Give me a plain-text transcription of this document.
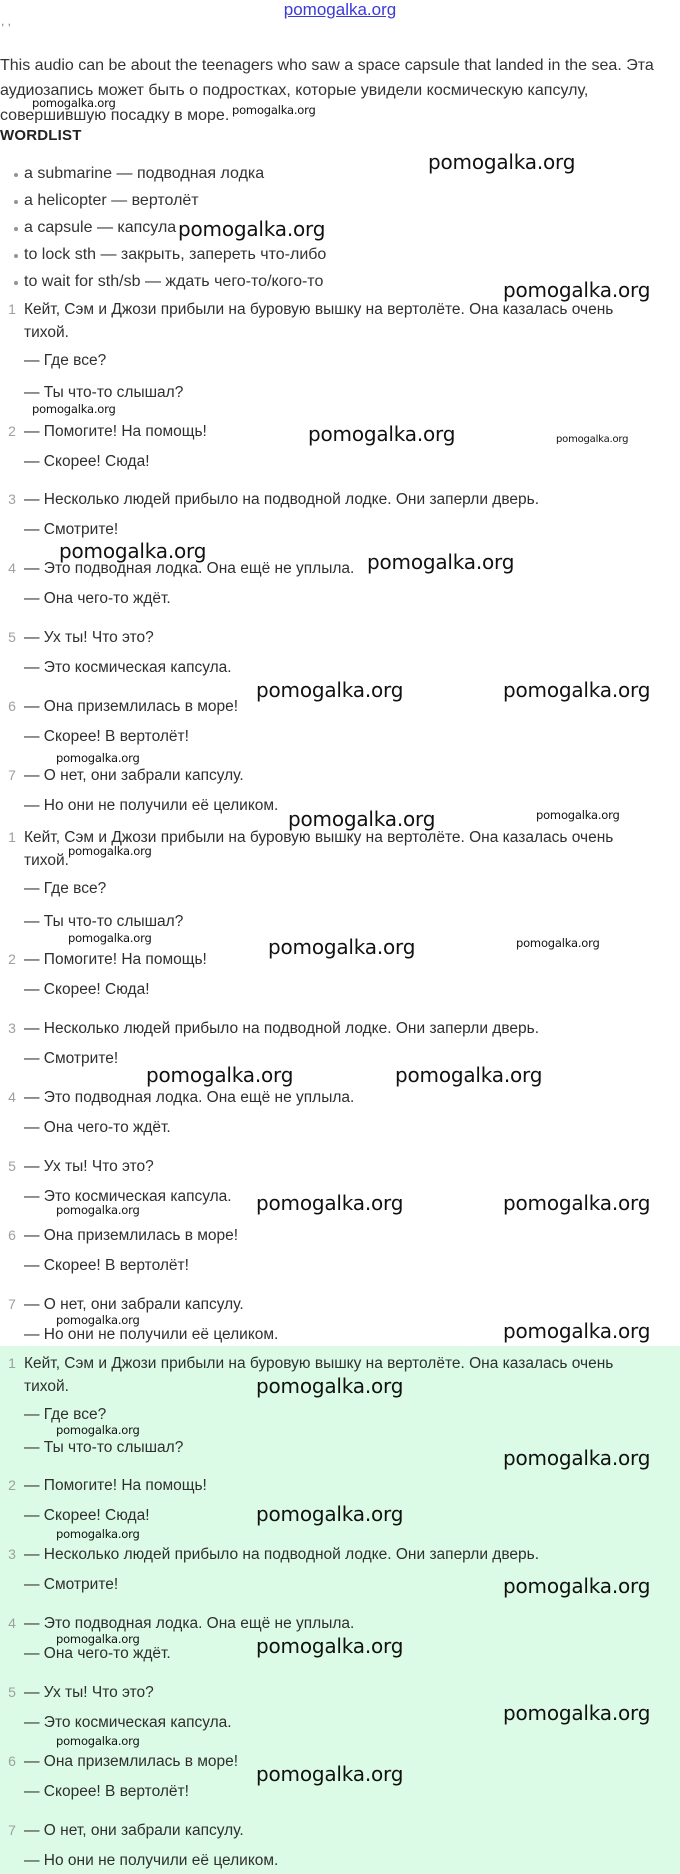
pomogalka.org
, ,
This audio can be about the teenagers who saw a space capsule that landed in the sea. Эта аудиозапись может быть о подростках, которые увидели космическую капсулу, совершившую посадку в море.
WORDLIST
a submarine — подводная лодка
a helicopter — вертолёт
a capsule — капсула
to lock sth — закрыть, запереть что-либо
to wait for sth/sb — ждать чего-то/кого-то
1 Кейт, Сэм и Джози прибыли на буровую вышку на вертолёте. Она казалась очень
тихой.
— Где все?
— Ты что-то слышал?
2 — Помогите! На помощь!
— Скорее! Сюда!
3 — Несколько людей прибыло на подводной лодке. Они заперли дверь.
— Смотрите!
4 — Это подводная лодка. Она ещё не уплыла.
— Она чего-то ждёт.
5 — Ух ты! Что это?
— Это космическая капсула.
6 — Она приземлилась в море!
— Скорее! В вертолёт!
7 — О нет, они забрали капсулу.
— Но они не получили её целиком.
1 Кейт, Сэм и Джози прибыли на буровую вышку на вертолёте. Она казалась очень
тихой.
— Где все?
— Ты что-то слышал?
2 — Помогите! На помощь!
— Скорее! Сюда!
3 — Несколько людей прибыло на подводной лодке. Они заперли дверь.
— Смотрите!
4 — Это подводная лодка. Она ещё не уплыла.
— Она чего-то ждёт.
5 — Ух ты! Что это?
— Это космическая капсула.
6 — Она приземлилась в море!
— Скорее! В вертолёт!
7 — О нет, они забрали капсулу.
— Но они не получили её целиком.
1 Кейт, Сэм и Джози прибыли на буровую вышку на вертолёте. Она казалась очень
тихой.
— Где все?
— Ты что-то слышал?
2 — Помогите! На помощь!
— Скорее! Сюда!
3 — Несколько людей прибыло на подводной лодке. Они заперли дверь.
— Смотрите!
4 — Это подводная лодка. Она ещё не уплыла.
— Она чего-то ждёт.
5 — Ух ты! Что это?
— Это космическая капсула.
6 — Она приземлилась в море!
— Скорее! В вертолёт!
7 — О нет, они забрали капсулу.
— Но они не получили её целиком.
pomogalka.org	pomogalka.org
pomogalka.org
pomogalka.org
pomogalka.org
pomogalka.org
pomogalka.org	pomogalka.org
pomogalka.org	pomogalka.org
pomogalka.org	pomogalka.org
pomogalka.org
pomogalka.org	pomogalka.org
pomogalka.org
pomogalka.org	pomogalka.org	pomogalka.org
pomogalka.org	pomogalka.org
pomogalka.org	pomogalka.org
pomogalka.org
pomogalka.org	pomogalka.org
pomogalka.org
pomogalka.org
pomogalka.org
pomogalka.org
pomogalka.org
pomogalka.org
pomogalka.org	pomogalka.org
pomogalka.org
pomogalka.org
pomogalka.org
